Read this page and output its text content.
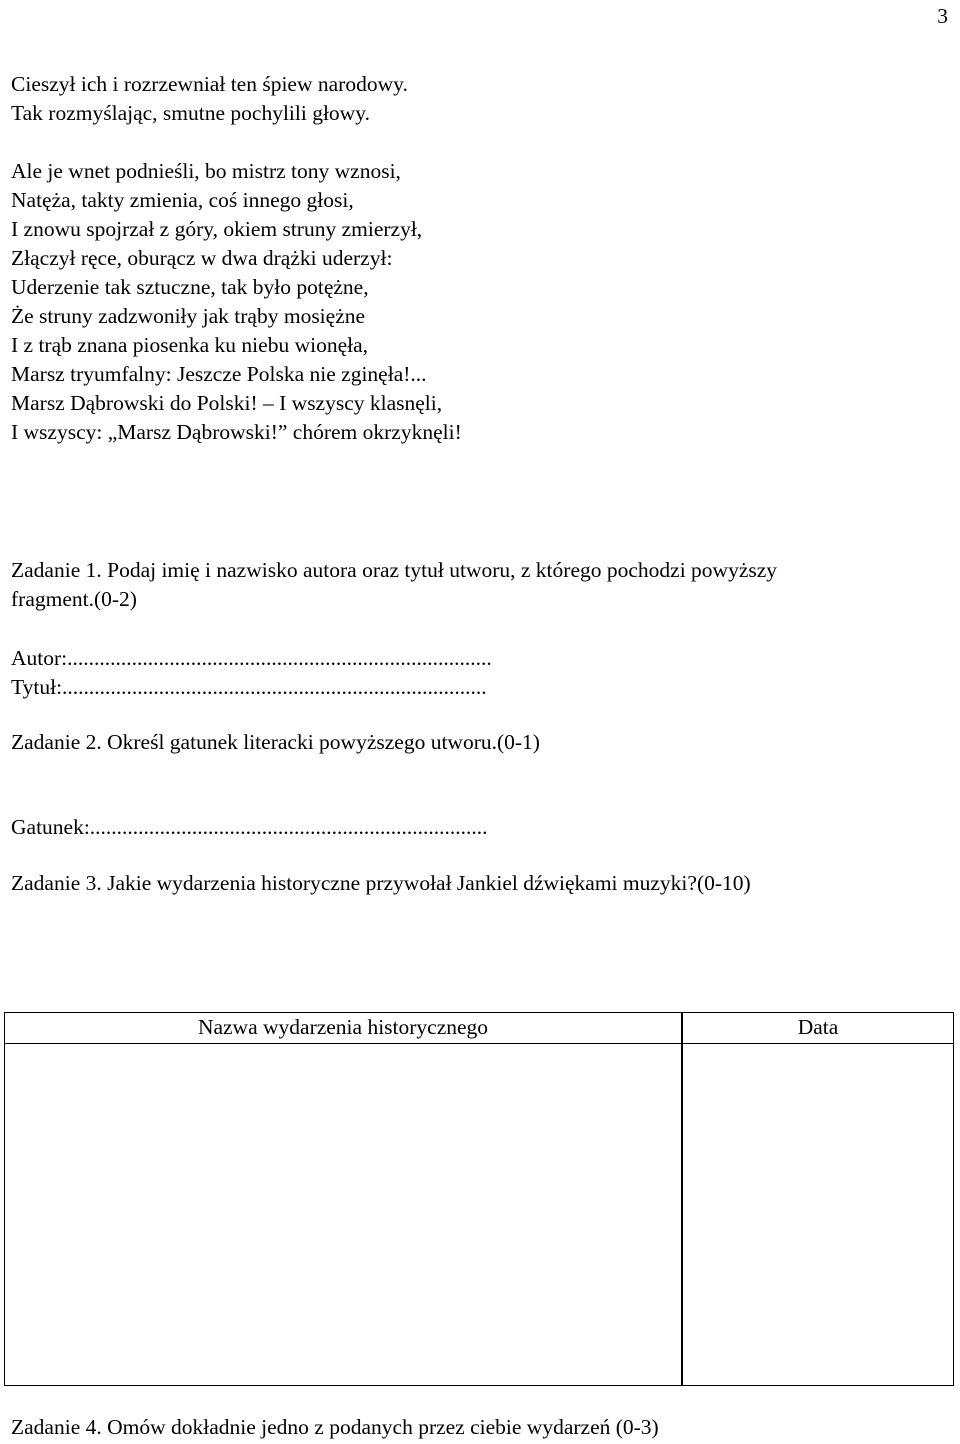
3
Cieszył ich i rozrzewniał ten śpiew narodowy.
Tak rozmyślając, smutne pochylili głowy.
Ale je wnet podnieśli, bo mistrz tony wznosi,
Natęża, takty zmienia, coś innego głosi,
I znowu spojrzał z góry, okiem struny zmierzył,
Złączył ręce, oburącz w dwa drążki uderzył:
Uderzenie tak sztuczne, tak było potężne,
Że struny zadzwoniły jak trąby mosiężne
I z trąb znana piosenka ku niebu wionęła,
Marsz tryumfalny: Jeszcze Polska nie zginęła!...
Marsz Dąbrowski do Polski! – I wszyscy klasnęli,
I wszyscy: „Marsz Dąbrowski!” chórem okrzyknęli!
Zadanie 1. Podaj imię i nazwisko autora oraz tytuł utworu, z którego pochodzi powyższy
fragment.(0-2)
Autor:...............................................................................
Tytuł:...............................................................................
Zadanie 2. Określ gatunek literacki powyższego utworu.(0-1)
Gatunek:..........................................................................
Zadanie 3. Jakie wydarzenia historyczne przywołał Jankiel dźwiękami muzyki?(0-10)
Nazwa wydarzenia historycznego	Data
Zadanie 4. Omów dokładnie jedno z podanych przez ciebie wydarzeń (0-3)
